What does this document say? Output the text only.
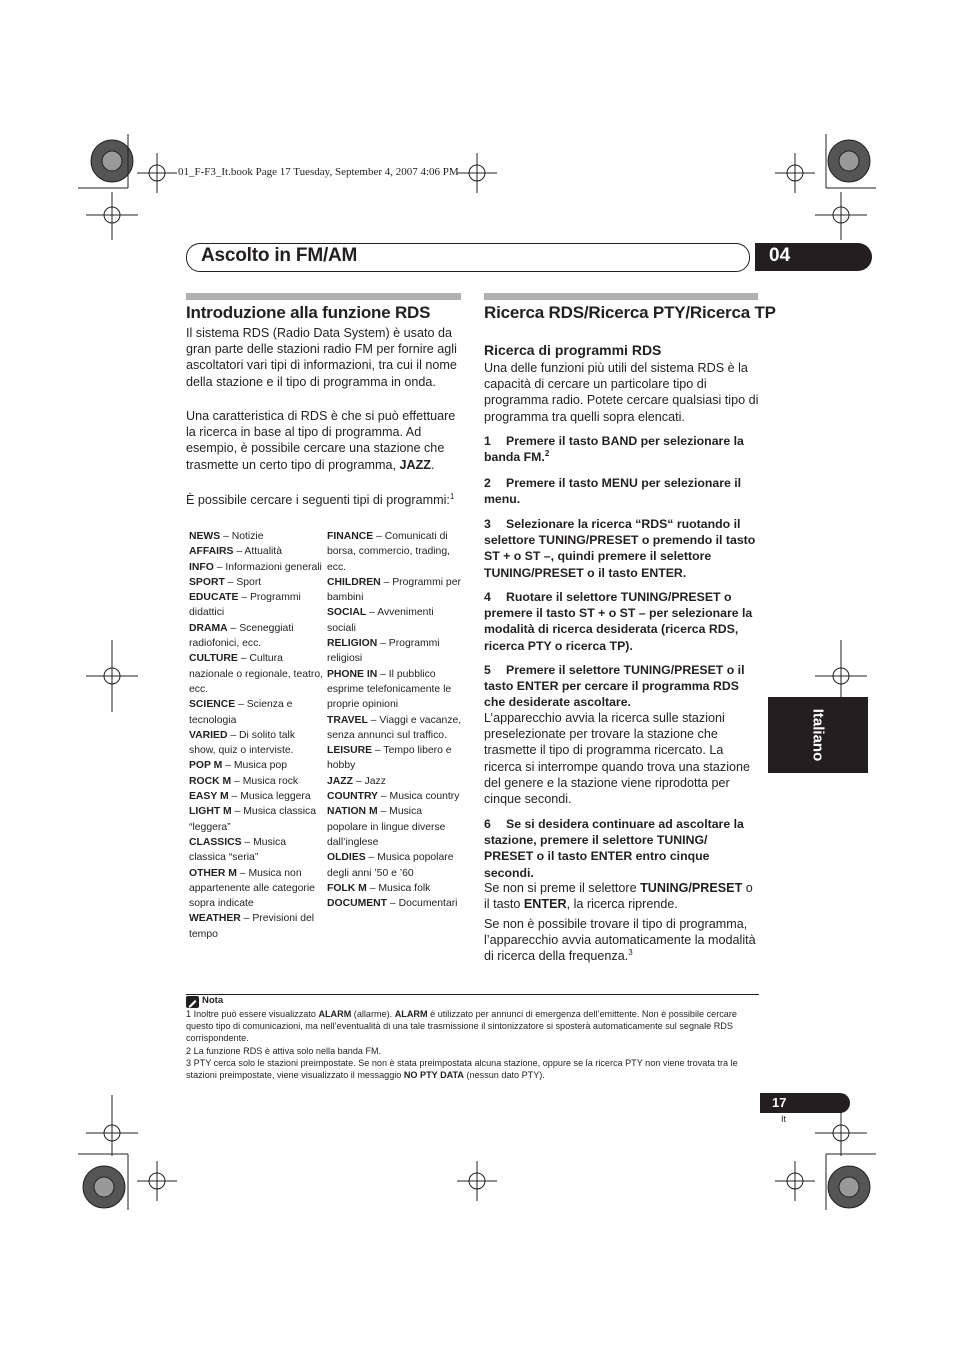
01_F-F3_It.book Page 17 Tuesday, September 4, 2007 4:06 PM
Ascolto in FM/AM	04
Italiano
Introduzione alla funzione RDS

Il sistema RDS (Radio Data System) è usato da gran parte delle stazioni radio FM per fornire agli ascoltatori vari tipi di informazioni, tra cui il nome della stazione e il tipo di programma in onda.

Una caratteristica di RDS è che si può effettuare la ricerca in base al tipo di programma. Ad esempio, è possibile cercare una stazione che trasmette un certo tipo di programma, JAZZ.

È possibile cercare i seguenti tipi di programmi:$^1$

NEWS – Notizie

AFFAIRS – Attualità

INFO – Informazioni generali

SPORT – Sport

EDUCATE – Programmi didattici

DRAMA – Sceneggiati radiofonici, ecc.

CULTURE – Cultura nazionale o regionale, teatro, ecc.

SCIENCE – Scienza e tecnologia

VARIED – Di solito talk show, quiz o interviste.

POP M – Musica pop

ROCK M – Musica rock

EASY M – Musica leggera

LIGHT M – Musica classica “leggera”

CLASSICS – Musica classica “seria”

OTHER M – Musica non appartenente alle categorie sopra indicate

WEATHER – Previsioni del tempo

FINANCE – Comunicati di borsa, commercio, trading, ecc.

CHILDREN – Programmi per bambini

SOCIAL – Avvenimenti sociali

RELIGION – Programmi religiosi

PHONE IN – Il pubblico esprime telefonicamente le proprie opinioni

TRAVEL – Viaggi e vacanze, senza annunci sul traffico.

LEISURE – Tempo libero e hobby

JAZZ – Jazz

COUNTRY – Musica country

NATION M – Musica popolare in lingue diverse dall’inglese

OLDIES – Musica popolare degli anni ’50 e ’60

FOLK M – Musica folk

DOCUMENT – Documentari

Ricerca RDS/Ricerca PTY/Ricerca TP
Ricerca di programmi RDS

Una delle funzioni più utili del sistema RDS è la capacità di cercare un particolare tipo di programma radio. Potete cercare qualsiasi tipo di programma tra quelli sopra elencati.

1 Premere il tasto BAND per selezionare la banda FM.$^2$

2 Premere il tasto MENU per selezionare il menu.

3 Selezionare la ricerca “RDS“ ruotando il selettore TUNING/PRESET o premendo il tasto ST + o ST –, quindi premere il selettore TUNING/PRESET o il tasto ENTER.

4 Ruotare il selettore TUNING/PRESET o premere il tasto ST + o ST – per selezionare la modalità di ricerca desiderata (ricerca RDS, ricerca PTY o ricerca TP).

5 Premere il selettore TUNING/PRESET o il tasto ENTER per cercare il programma RDS che desiderate ascoltare.

L’apparecchio avvia la ricerca sulle stazioni preselezionate per trovare la stazione che trasmette il tipo di programma ricercato. La ricerca si interrompe quando trova una stazione del genere e la stazione viene riprodotta per cinque secondi.

6 Se si desidera continuare ad ascoltare la stazione, premere il selettore TUNING/ PRESET o il tasto ENTER entro cinque secondi.

Se non si preme il selettore TUNING/PRESET o il tasto ENTER, la ricerca riprende.

Se non è possibile trovare il tipo di programma, l’apparecchio avvia automaticamente la modalità di ricerca della frequenza.$^3$

Nota

1 Inoltre può essere visualizzato ALARM (allarme). ALARM è utilizzato per annunci di emergenza dell’emittente. Non è possibile cercare questo tipo di comunicazioni, ma nell’eventualità di una tale trasmissione il sintonizzatore si sposterà automaticamente sul segnale RDS corrispondente.

2 La funzione RDS è attiva solo nella banda FM.

3 PTY cerca solo le stazioni preimpostate. Se non è stata preimpostata alcuna stazione, oppure se la ricerca PTY non viene trovata tra le stazioni preimpostate, viene visualizzato il messaggio NO PTY DATA (nessun dato PTY).

17
It
